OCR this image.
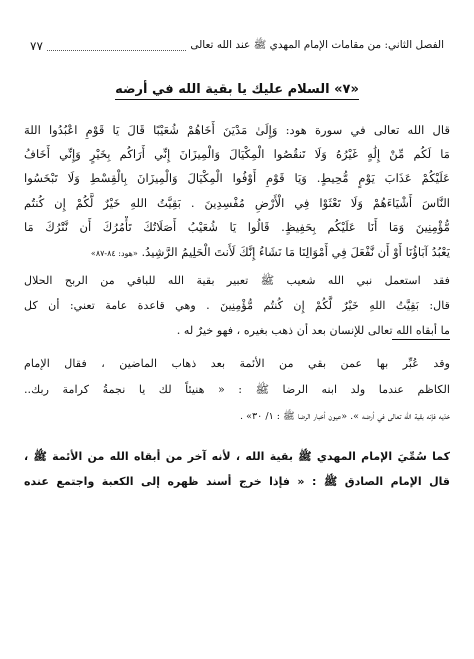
الفصل الثاني: من مقامات الإمام المهدي ﷺ عند الله تعالى
٧٧
«٧» السلام عليك يا بقية الله في أرضه
قال الله تعالى في سورة هود: وَإِلَىٰ مَدْيَنَ أَخَاهُمْ شُعَيْبًا قَالَ يَا قَوْمِ اعْبُدُوا اللهَ
مَا لَكُم مِّنْ إِلَٰهٍ غَيْرُهُ وَلَا تَنقُصُوا الْمِكْيَالَ وَالْمِيزَانَ إِنِّي أَرَاكُم بِخَيْرٍ وَإِنِّي أَخَافُ
عَلَيْكُمْ عَذَابَ يَوْمٍ مُّحِيطٍ. وَيَا قَوْمِ أَوْفُوا الْمِكْيَالَ وَالْمِيزَانَ بِالْقِسْطِ وَلَا تَبْخَسُوا
النَّاسَ أَشْيَاءَهُمْ وَلَا تَعْثَوْا فِي الْأَرْضِ مُفْسِدِينَ . بَقِيَّتُ اللهِ خَيْرٌ لَّكُمْ إِن كُنتُم
مُّؤْمِنِينَ وَمَا أَنَا عَلَيْكُم بِحَفِيظٍ. قَالُوا يَا شُعَيْبُ أَصَلَاتُكَ تَأْمُرُكَ أَن نَّتْرُكَ مَا
يَعْبُدُ آبَاؤُنَا أَوْ أَن نَّفْعَلَ فِي أَمْوَالِنَا مَا نَشَاءُ إِنَّكَ لَأَنتَ الْحَلِيمُ الرَّشِيدُ. «هود: ٨٤-٨٧»
فقد استعمل نبي الله شعيب ﷺ تعبير بقية الله للباقي من الربح الحلال
قال: بَقِيَّتُ اللهِ خَيْرٌ لَّكُمْ إِن كُنتُم مُّؤْمِنِينَ . وهي قاعدة عامة تعني: أن كل
ما أبقاه الله تعالى للإنسان بعد أن ذهب بغيره ، فهو خيرٌ له .
وقد عُبِّر بها عمن بقي من الأئمة بعد ذهاب الماضين ، فقال الإمام
الكاظم عندما ولد ابنه الرضا ﷺ : « هنيئاً لك يا نجمةُ كرامة ربك..
خذيه فإنه بقية الله تعالى في أرضه ». «عيون أخبار الرضا ﷺ : ١/ ٣٠» .
كما سُمِّيَ الإمام المهدي ﷺ بقية الله ، لأنه آخر من أبقاه الله من الأئمة ﷺ ،
قال الإمام الصادق ﷺ : « فإذا خرج أسند ظهره إلى الكعبة واجتمع عنده
